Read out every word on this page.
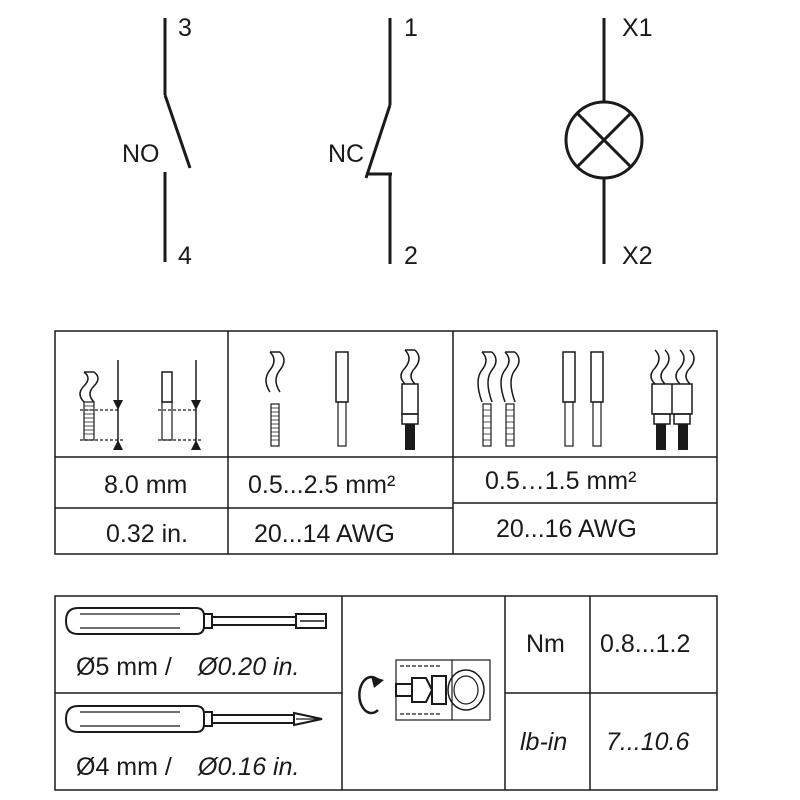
3
NO
4
1
NC
2
X1
X2
8.0 mm
0.32 in.
0.5...2.5 mm²
20...14 AWG
0.5…1.5 mm²
20...16 AWG
Ø5 mm / Ø0.20 in.
Ø4 mm / Ø0.16 in.
Nm 0.8...1.2
lb-in 7...10.6
